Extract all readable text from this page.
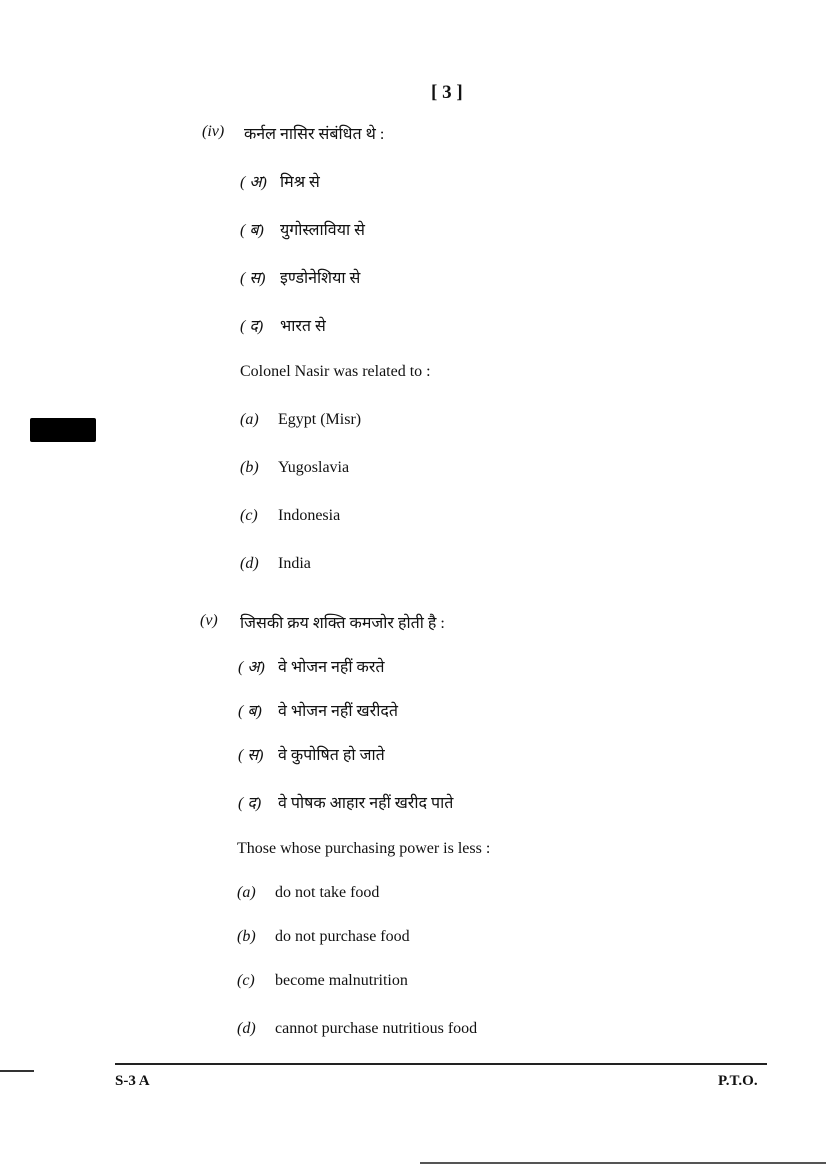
[ 3 ]
(iv) कर्नल नासिर संबंधित थे :
( अ) मिश्र से
( ब) युगोस्लाविया से
( स) इण्डोनेशिया से
( द) भारत से
Colonel Nasir was related to :
(a) Egypt (Misr)
(b) Yugoslavia
(c) Indonesia
(d) India
(v) जिसकी क्रय शक्ति कमजोर होती है :
( अ) वे भोजन नहीं करते
( ब) वे भोजन नहीं खरीदते
( स) वे कुपोषित हो जाते
( द) वे पोषक आहार नहीं खरीद पाते
Those whose purchasing power is less :
(a) do not take food
(b) do not purchase food
(c) become malnutrition
(d) cannot purchase nutritious food
S-3 A	P.T.O.
